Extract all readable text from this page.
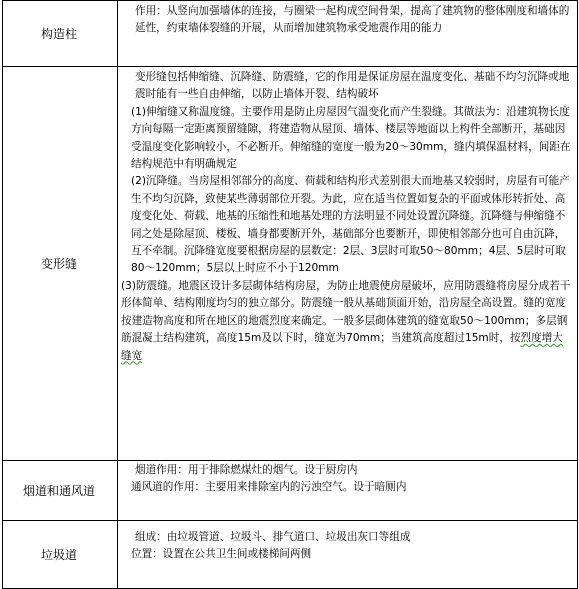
构造柱

作用：从竖向加强墙体的连接，与圈梁一起构成空间骨架，提高了建筑物的整体刚度和墙体的延性，约束墙体裂缝的开展，从而增加建筑物承受地震作用的能力

变形缝

变形缝包括伸缩缝、沉降缝、防震缝，它的作用是保证房屋在温度变化、基础不均匀沉降或地震时能有一些自由伸缩，以防止墙体开裂、结构破坏

(1)伸缩缝又称温度缝。主要作用是防止房屋因气温变化而产生裂缝。其做法为：沿建筑物长度方向每隔一定距离预留缝隙，将建造物从屋顶、墙体、楼层等地面以上构件全部断开，基础因受温度变化影响较小，不必断开。伸缩缝的宽度一般为20～30mm，缝内填保温材料，间距在结构规范中有明确规定

(2)沉降缝。当房屋相邻部分的高度、荷载和结构形式差别很大而地基又较弱时，房屋有可能产生不均匀沉降，致使某些薄弱部位开裂。为此，应在适当位置如复杂的平面或体形转折处、高度变化处、荷载、地基的压缩性和地基处理的方法明显不同处设置沉降缝。沉降缝与伸缩缝不同之处是除屋顶、楼板、墙身都要断开外，基础部分也要断开，即使相邻部分也可自由沉降，互不牵制。沉降缝宽度要根据房屋的层数定：2层、3层时可取50～80mm；4层、5层时可取80～120mm；5层以上时应不小于120mm

(3)防震缝。地震区设计多层砌体结构房屋，为防止地震使房屋破坏，应用防震缝将房屋分成若干形体简单、结构刚度均匀的独立部分。防震缝一般从基础顶面开始，沿房屋全高设置。缝的宽度按建造物高度和所在地区的地震烈度来确定。一般多层砌体建筑的缝宽取50～100mm；多层钢筋混凝土结构建筑，高度15m及以下时，缝宽为70mm；当建筑高度超过15m时，按烈度增大缝宽

烟道和通风道

烟道作用：用于排除燃煤灶的烟气。设于厨房内

通风道的作用：主要用来排除室内的污浊空气。设于暗厕内

垃圾道

组成：由垃圾管道、垃圾斗、排气道口、垃圾出灰口等组成

位置：设置在公共卫生间或楼梯间两侧
